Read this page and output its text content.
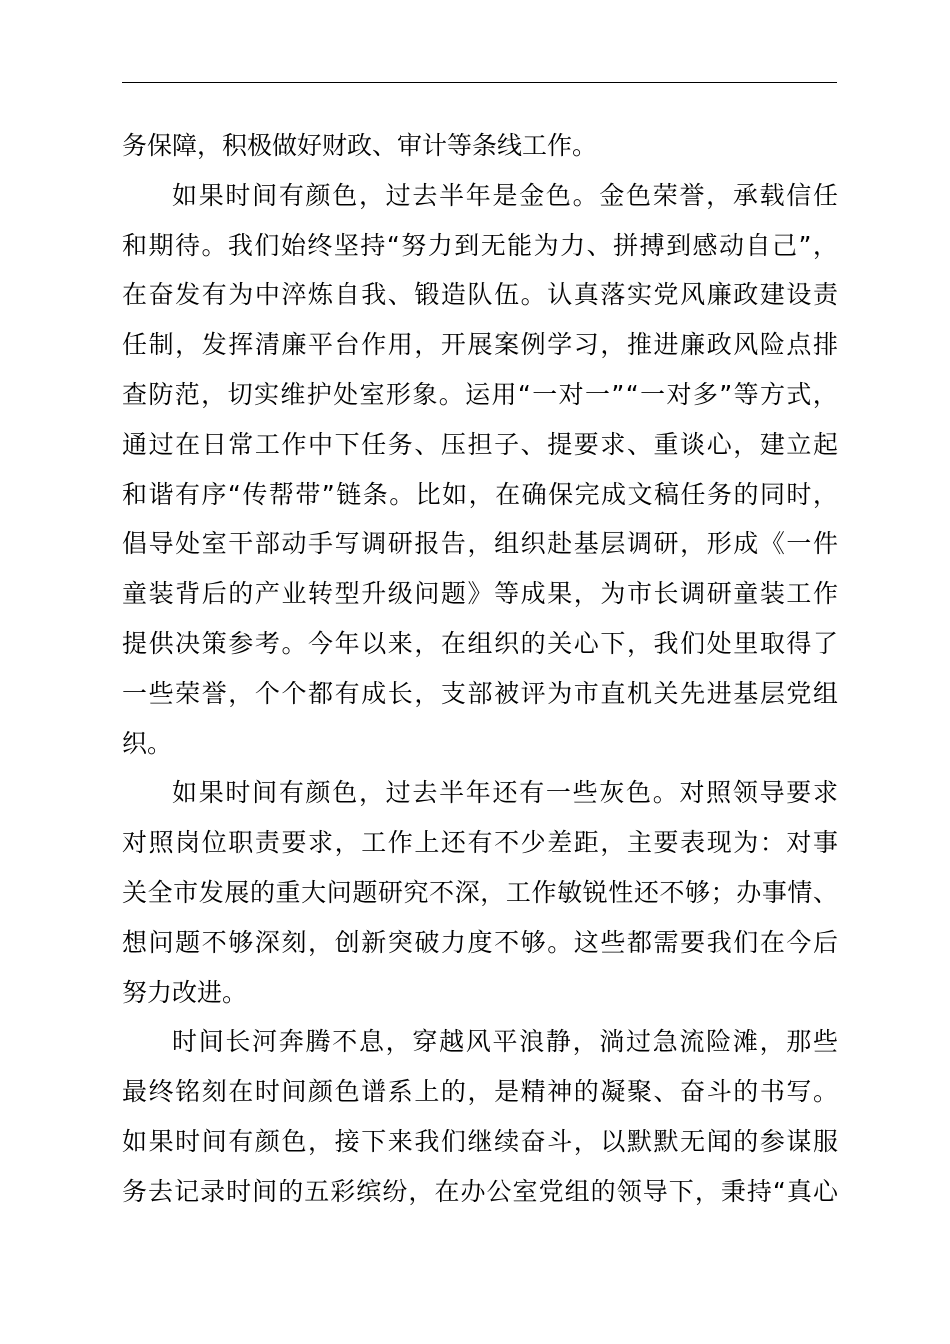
务保障，积极做好财政、审计等条线工作。
如果时间有颜色，过去半年是金色。金色荣誉，承载信任
和期待。我们始终坚持“努力到无能为力、拼搏到感动自己”，
在奋发有为中淬炼自我、锻造队伍。认真落实党风廉政建设责
任制，发挥清廉平台作用，开展案例学习，推进廉政风险点排
查防范，切实维护处室形象。运用“一对一”“一对多”等方式，
通过在日常工作中下任务、压担子、提要求、重谈心，建立起
和谐有序“传帮带”链条。比如，在确保完成文稿任务的同时，
倡导处室干部动手写调研报告，组织赴基层调研，形成《一件
童装背后的产业转型升级问题》等成果，为市长调研童装工作
提供决策参考。今年以来，在组织的关心下，我们处里取得了
一些荣誉，个个都有成长，支部被评为市直机关先进基层党组
织。
如果时间有颜色，过去半年还有一些灰色。对照领导要求
对照岗位职责要求，工作上还有不少差距，主要表现为：对事
关全市发展的重大问题研究不深，工作敏锐性还不够；办事情、
想问题不够深刻，创新突破力度不够。这些都需要我们在今后
努力改进。
时间长河奔腾不息，穿越风平浪静，淌过急流险滩，那些
最终铭刻在时间颜色谱系上的，是精神的凝聚、奋斗的书写。
如果时间有颜色，接下来我们继续奋斗，以默默无闻的参谋服
务去记录时间的五彩缤纷，在办公室党组的领导下，秉持“真心
